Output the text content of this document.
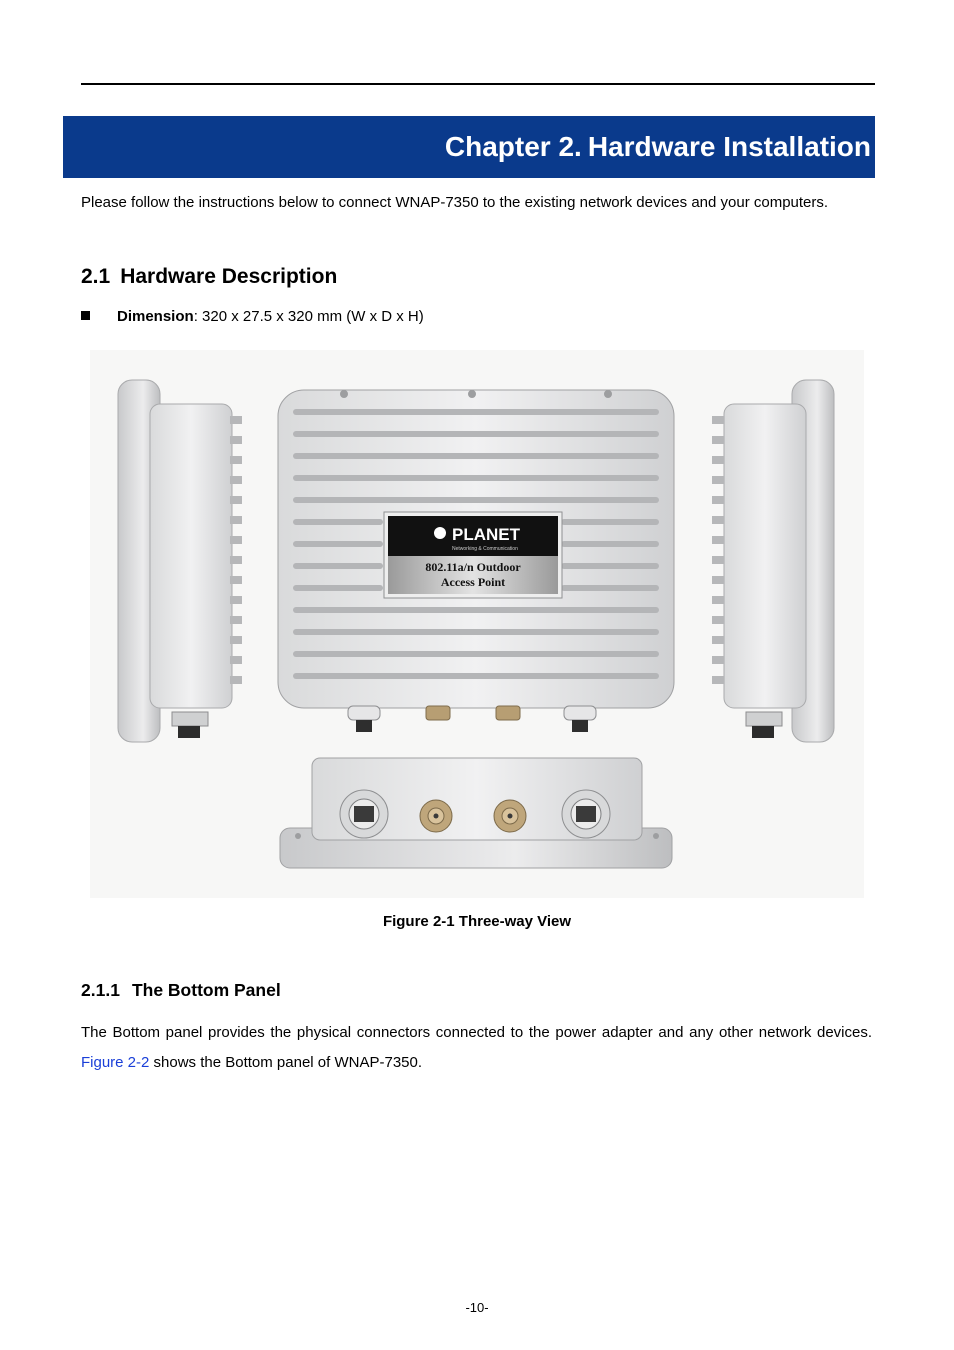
Chapter 2. Hardware Installation

Please follow the instructions below to connect WNAP-7350 to the existing network devices and your computers.

2.1 Hardware Description
Dimension: 320 x 27.5 x 320 mm (W x D x H)
PLANET
Networking & Communication
802.11a/n Outdoor
Access Point
Figure 2-1 Three-way View
2.1.1 The Bottom Panel

The Bottom panel provides the physical connectors connected to the power adapter and any other network devices. Figure 2-2 shows the Bottom panel of WNAP-7350.

-10-
